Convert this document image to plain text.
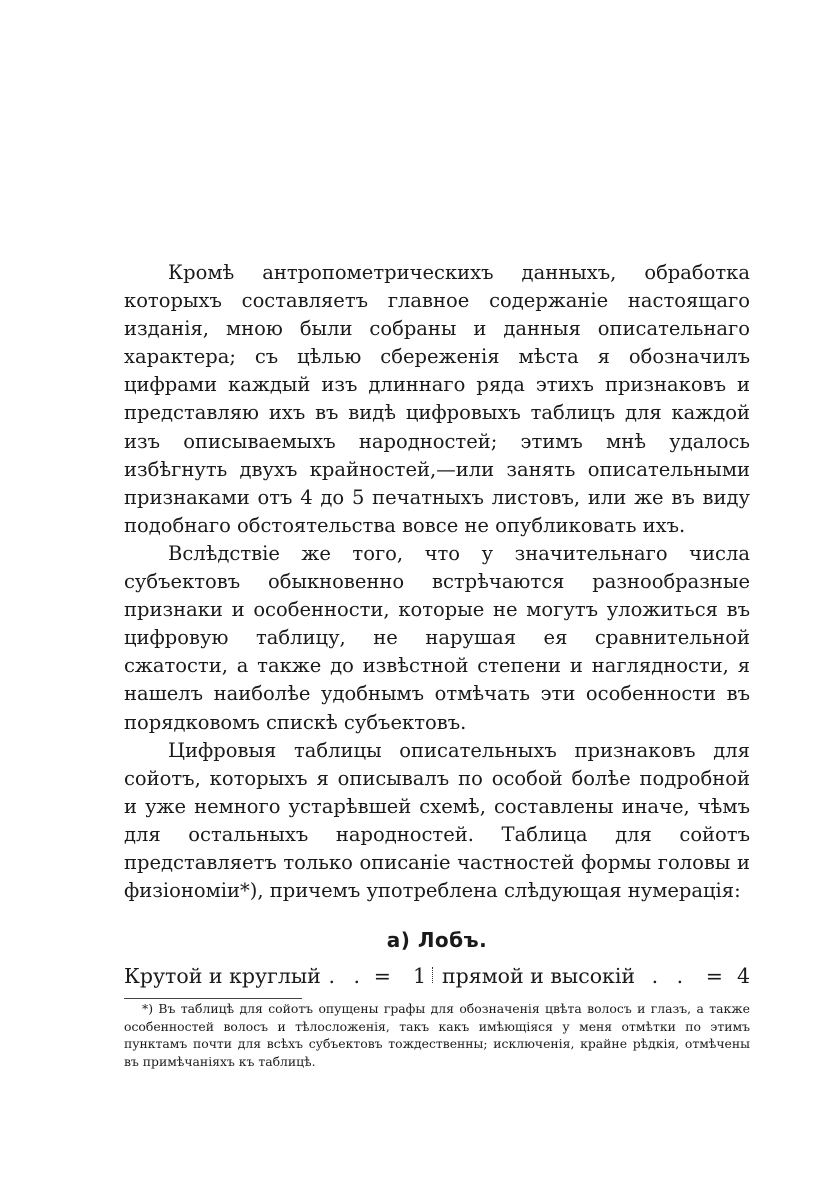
Кромѣ антропометрическихъ данныхъ, обработка которыхъ составляетъ главное содержаніе настоящаго изданія, мною были собраны и данныя описательнаго характера; съ цѣлью сбереженія мѣста я обозначилъ цифрами каждый изъ длиннаго ряда этихъ признаковъ и представляю ихъ въ видѣ цифровыхъ таблицъ для каждой изъ описываемыхъ народностей; этимъ мнѣ удалось избѣгнуть двухъ крайностей,—или занять описательными признаками отъ 4 до 5 печатныхъ листовъ, или же въ виду подобнаго обстоятельства вовсе не опубликовать ихъ.

Вслѣдствіе же того, что у значительнаго числа субъектовъ обыкновенно встрѣчаются разнообразные признаки и особенности, которые не могутъ уложиться въ цифровую таблицу, не нарушая ея сравнительной сжатости, а также до извѣстной степени и наглядности, я нашелъ наиболѣе удобнымъ отмѣчать эти особенности въ порядковомъ спискѣ субъектовъ.

Цифровыя таблицы описательныхъ признаковъ для сойотъ, которыхъ я описывалъ по особой болѣе подробной и уже немного устарѣвшей схемѣ, составлены иначе, чѣмъ для остальныхъ народностей. Таблица для сойотъ представляетъ только описаніе частностей формы головы и физіономіи*), причемъ употреблена слѣдующая нумерація:

а) Лобъ.
Крутой и круглый . . = 1 прямой и высокій . . = 4

*) Въ таблицѣ для сойотъ опущены графы для обозначенія цвѣта волосъ и глазъ, а также особенностей волосъ и тѣлосложенія, такъ какъ имѣющіяся у меня отмѣтки по этимъ пунктамъ почти для всѣхъ субъектовъ тождественны; исключенія, крайне рѣдкія, отмѣчены въ примѣчаніяхъ къ таблицѣ.
